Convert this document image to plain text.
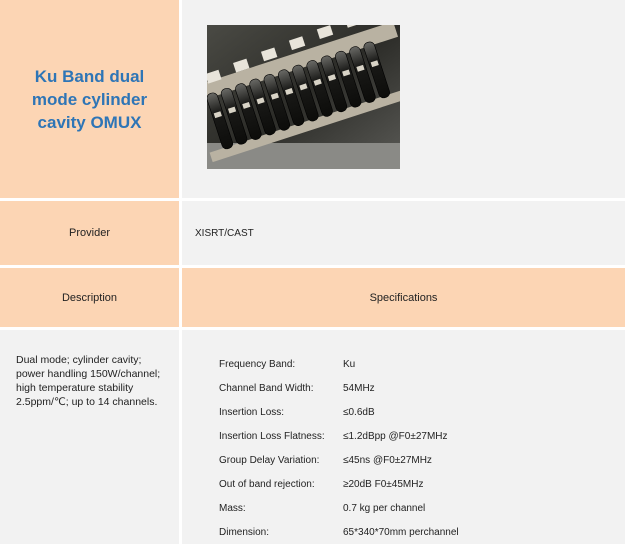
Ku Band dual mode cylinder cavity OMUX
Provider	XISRT/CAST
Description	Specifications
Dual mode; cylinder cavity; power handling 150W/channel; high temperature stability 2.5ppm/℃; up to 14 channels.
Frequency Band:	Ku
Channel Band Width:	54MHz
Insertion Loss:	≤0.6dB
Insertion Loss Flatness:	≤1.2dBpp @F0±27MHz
Group Delay Variation:	≤45ns @F0±27MHz
Out of band rejection:	≥20dB F0±45MHz
Mass:	0.7 kg per channel
Dimension:	65*340*70mm perchannel
